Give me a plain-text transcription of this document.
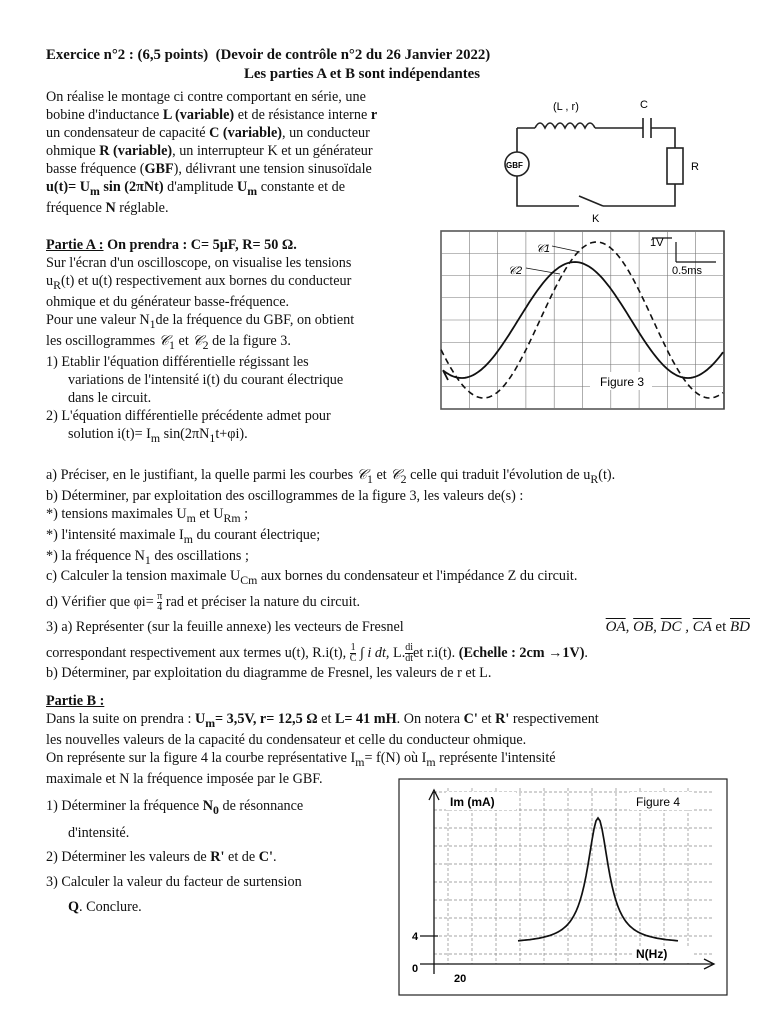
Exercice n°2 : (6,5 points) (Devoir de contrôle n°2 du 26 Janvier 2022)
Les parties A et B sont indépendantes

On réalise le montage ci contre comportant en série, une

bobine d'inductance L (variable) et de résistance interne r

un condensateur de capacité C (variable), un conducteur

ohmique R (variable), un interrupteur K et un générateur

basse fréquence (GBF), délivrant une tension sinusoïdale

$u(t)= U_m$ sin (2πNt) d'amplitude $U_m$ constante et de

fréquence N réglable.

(L , r)	C
R
GBF
K

Partie A : On prendra : C= 5μF, R= 50 Ω.

Sur l'écran d'un oscilloscope, on visualise les tensions

$u_R(t)$ et u(t) respectivement aux bornes du conducteur

ohmique et du générateur basse-fréquence.

Pour une valeur $N_1de$ la fréquence du GBF, on obtient

les oscillogrammes 𝒞$_1$ et 𝒞$_2$ de la figure 3.

1) Etablir l'équation différentielle régissant les

variations de l'intensité i(t) du courant électrique

dans le circuit.

2) L'équation différentielle précédente admet pour

solution $i(t)= I_m$ $\sin(2\pi N_1t+\varphi i)$.

1V
0.5ms
𝒞1
𝒞2
Figure 3

a) Préciser, en le justifiant, la quelle parmi les courbes 𝒞$_1$ et 𝒞$_2$ celle qui traduit l'évolution de $u_R(t)$.

b) Déterminer, par exploitation des oscillogrammes de la figure 3, les valeurs de(s) :

*) tensions maximales $U_m$ et $U_{Rm}$ ;

*) l'intensité maximale $I_m$ du courant électrique;

*) la fréquence $N_1$ des oscillations ;

c) Calculer la tension maximale $U_{Cm}$ aux bornes du condensateur et l'impédance Z du circuit.

d) Vérifier que $\varphi i= \frac{\pi}{4}$ rad et préciser la nature du circuit.

3) a) Représenter (sur la feuille annexe) les vecteurs de Fresnel	$\overline{OA}$, $\overline{OB}$, $\overline{DC}$ , $\overline{CA}$ et $\overline{BD}$

correspondant respectivement aux termes u(t), R.i(t), $\frac{1}{C}$ ∫ i dt, L. $\frac{di}{dt}$ et r.i(t). (Echelle : 2cm →1V).

b) Déterminer, par exploitation du diagramme de Fresnel, les valeurs de r et L.

Partie B :

Dans la suite on prendra : $U_m= 3,5V$, r= 12,5 Ω et L= 41 mH. On notera C' et R' respectivement

les nouvelles valeurs de la capacité du condensateur et celle du conducteur ohmique.

On représente sur la figure 4 la courbe représentative $I_m= f(N)$ où $I_m$ représente l'intensité

maximale et N la fréquence imposée par le GBF.

1) Déterminer la fréquence $N_0$ de résonnance

d'intensité.

2) Déterminer les valeurs de R' et de C'.

3) Calculer la valeur du facteur de surtension

Q. Conclure.

Im (mA)	Figure 4
N(Hz)
4
0
20
